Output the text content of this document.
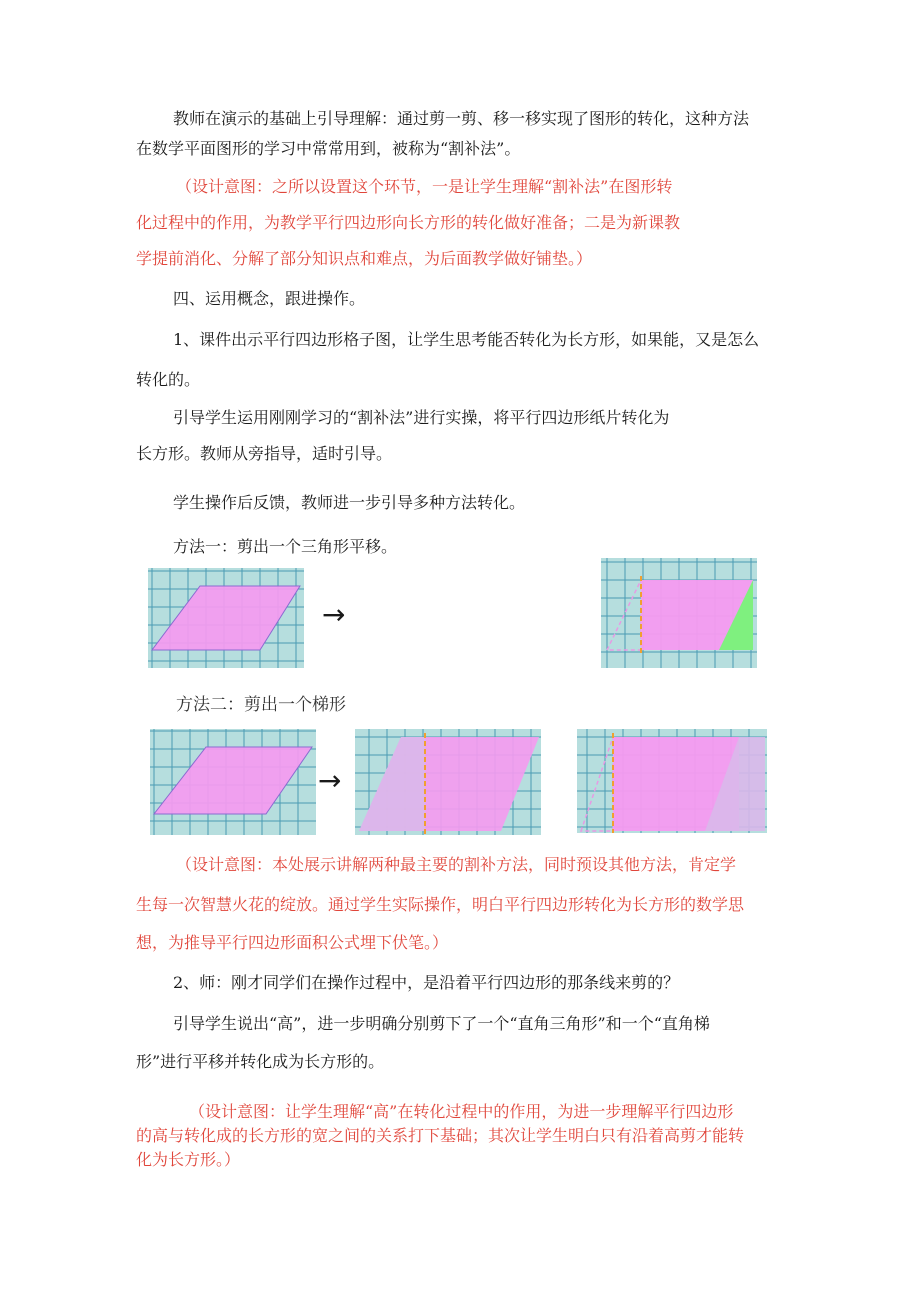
教师在演示的基础上引导理解：通过剪一剪、移一移实现了图形的转化，这种方法
在数学平面图形的学习中常常用到，被称为“割补法”。
（设计意图：之所以设置这个环节，一是让学生理解“割补法”在图形转
化过程中的作用，为教学平行四边形向长方形的转化做好准备；二是为新课教
学提前消化、分解了部分知识点和难点，为后面教学做好铺垫。）
四、运用概念，跟进操作。
1、课件出示平行四边形格子图，让学生思考能否转化为长方形，如果能，又是怎么
转化的。
引导学生运用刚刚学习的“割补法”进行实操，将平行四边形纸片转化为
长方形。教师从旁指导，适时引导。
学生操作后反馈，教师进一步引导多种方法转化。
方法一：剪出一个三角形平移。
方法二：剪出一个梯形
（设计意图：本处展示讲解两种最主要的割补方法，同时预设其他方法，肯定学
生每一次智慧火花的绽放。通过学生实际操作，明白平行四边形转化为长方形的数学思
想，为推导平行四边形面积公式埋下伏笔。）
2、师：刚才同学们在操作过程中，是沿着平行四边形的那条线来剪的？
引导学生说出“高”，进一步明确分别剪下了一个“直角三角形”和一个“直角梯
形”进行平移并转化成为长方形的。
（设计意图：让学生理解“高”在转化过程中的作用，为进一步理解平行四边形
的高与转化成的长方形的宽之间的关系打下基础；其次让学生明白只有沿着高剪才能转
化为长方形。）
→
→
